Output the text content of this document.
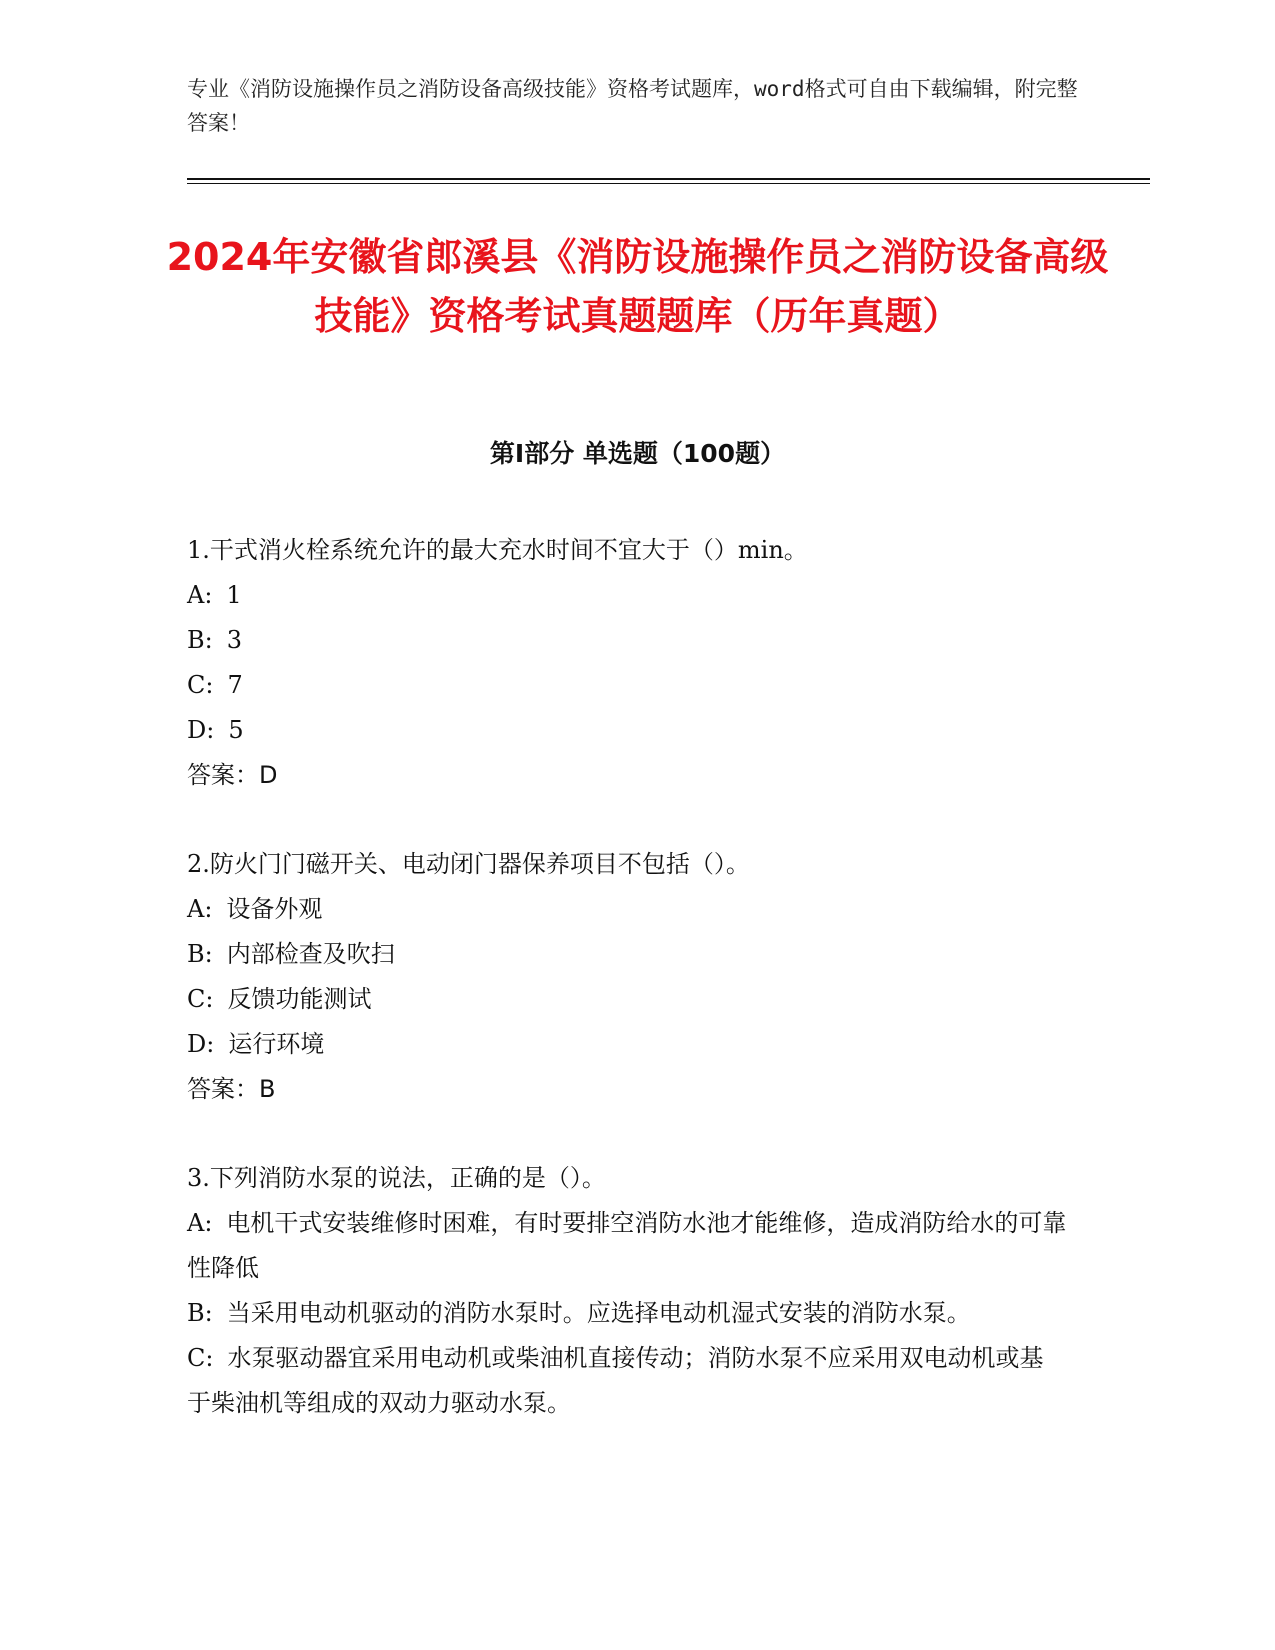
专业《消防设施操作员之消防设备高级技能》资格考试题库，word格式可自由下载编辑，附完整答案！
2024年安徽省郎溪县《消防设施操作员之消防设备高级技能》资格考试真题题库（历年真题）
第Ⅰ部分 单选题（100题）
1.干式消火栓系统允许的最大充水时间不宜大于（）min。
A: 1
B: 3
C: 7
D: 5
答案：D
2.防火门门磁开关、电动闭门器保养项目不包括（）。
A: 设备外观
B: 内部检查及吹扫
C: 反馈功能测试
D: 运行环境
答案：B
3.下列消防水泵的说法，正确的是（）。
A: 电机干式安装维修时困难，有时要排空消防水池才能维修，造成消防给水的可靠性降低
B: 当采用电动机驱动的消防水泵时。应选择电动机湿式安装的消防水泵。
C: 水泵驱动器宜采用电动机或柴油机直接传动；消防水泵不应采用双电动机或基于柴油机等组成的双动力驱动水泵。
